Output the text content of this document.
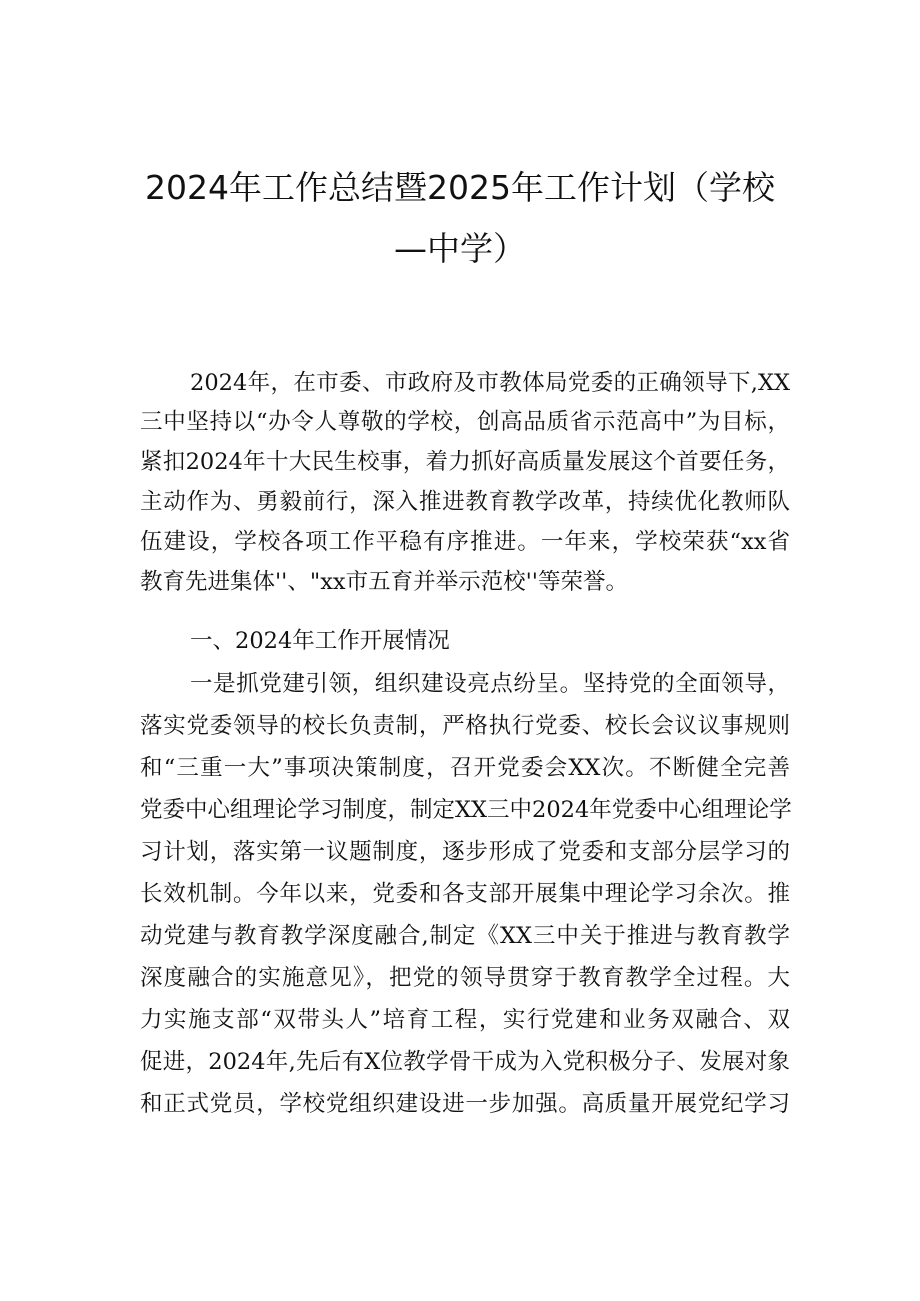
2024年工作总结暨2025年工作计划（学校
—中学）
2024年，在市委、市政府及市教体局党委的正确领导下,XX
三中坚持以“办令人尊敬的学校，创高品质省示范高中”为目标，
紧扣2024年十大民生校事，着力抓好高质量发展这个首要任务，
主动作为、勇毅前行，深入推进教育教学改革，持续优化教师队
伍建设，学校各项工作平稳有序推进。一年来，学校荣获“xx省
教育先进集体''、"xx市五育并举示范校''等荣誉。
一、2024年工作开展情况
一是抓党建引领，组织建设亮点纷呈。坚持党的全面领导，
落实党委领导的校长负责制，严格执行党委、校长会议议事规则
和“三重一大”事项决策制度，召开党委会XX次。不断健全完善
党委中心组理论学习制度，制定XX三中2024年党委中心组理论学
习计划，落实第一议题制度，逐步形成了党委和支部分层学习的
长效机制。今年以来，党委和各支部开展集中理论学习余次。推
动党建与教育教学深度融合,制定《XX三中关于推进与教育教学
深度融合的实施意见》，把党的领导贯穿于教育教学全过程。大
力实施支部“双带头人”培育工程，实行党建和业务双融合、双
促进，2024年,先后有X位教学骨干成为入党积极分子、发展对象
和正式党员，学校党组织建设进一步加强。高质量开展党纪学习
